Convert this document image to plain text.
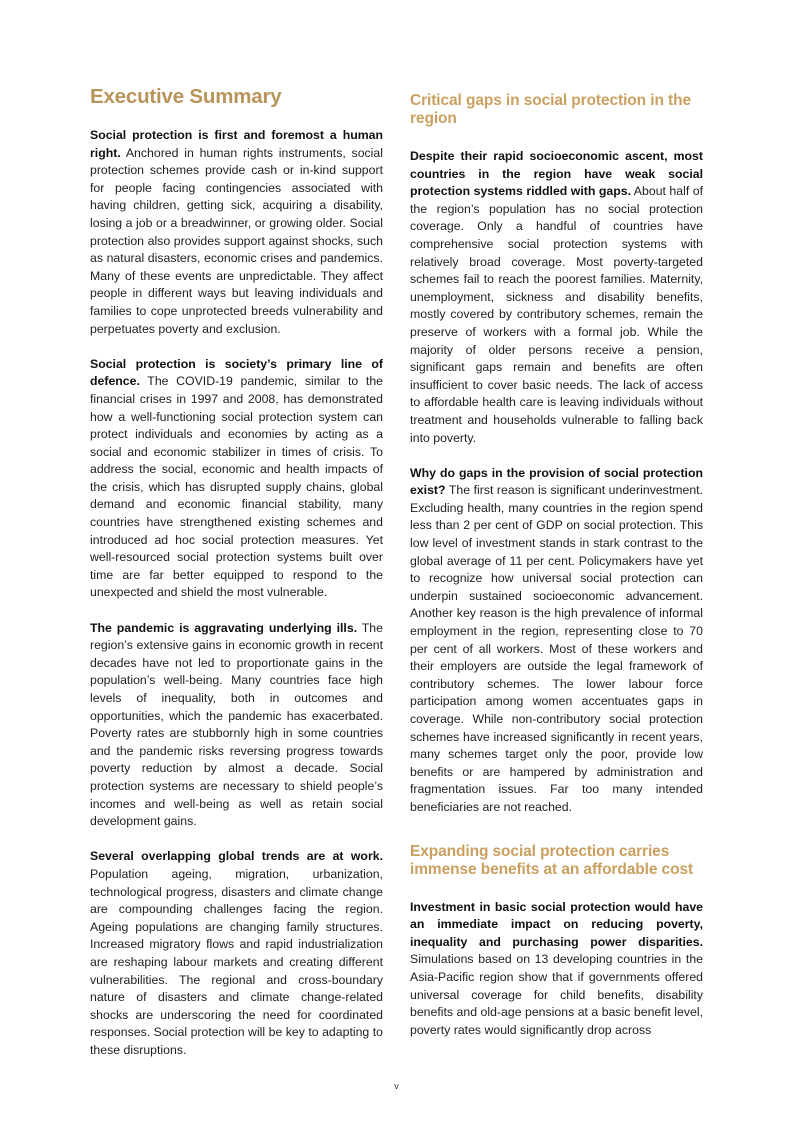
Executive Summary

Social protection is first and foremost a human right. Anchored in human rights instruments, social protection schemes provide cash or in-kind support for people facing contingencies associated with having children, getting sick, acquiring a disability, losing a job or a breadwinner, or growing older. Social protection also provides support against shocks, such as natural disasters, economic crises and pandemics. Many of these events are unpredictable. They affect people in different ways but leaving individuals and families to cope unprotected breeds vulnerability and perpetuates poverty and exclusion.

Social protection is society’s primary line of defence. The COVID-19 pandemic, similar to the financial crises in 1997 and 2008, has demonstrated how a well-functioning social protection system can protect individuals and economies by acting as a social and economic stabilizer in times of crisis. To address the social, economic and health impacts of the crisis, which has disrupted supply chains, global demand and economic financial stability, many countries have strengthened existing schemes and introduced ad hoc social protection measures. Yet well-resourced social protection systems built over time are far better equipped to respond to the unexpected and shield the most vulnerable.

The pandemic is aggravating underlying ills. The region’s extensive gains in economic growth in recent decades have not led to proportionate gains in the population’s well-being. Many countries face high levels of inequality, both in outcomes and opportunities, which the pandemic has exacerbated. Poverty rates are stubbornly high in some countries and the pandemic risks reversing progress towards poverty reduction by almost a decade. Social protection systems are necessary to shield people’s incomes and well-being as well as retain social development gains.

Several overlapping global trends are at work. Population ageing, migration, urbanization, technological progress, disasters and climate change are compounding challenges facing the region. Ageing populations are changing family structures. Increased migratory flows and rapid industrialization are reshaping labour markets and creating different vulnerabilities. The regional and cross-boundary nature of disasters and climate change-related shocks are underscoring the need for coordinated responses. Social protection will be key to adapting to these disruptions.

Critical gaps in social protection in the region

Despite their rapid socioeconomic ascent, most countries in the region have weak social protection systems riddled with gaps. About half of the region’s population has no social protection coverage. Only a handful of countries have comprehensive social protection systems with relatively broad coverage. Most poverty-targeted schemes fail to reach the poorest families. Maternity, unemployment, sickness and disability benefits, mostly covered by contributory schemes, remain the preserve of workers with a formal job. While the majority of older persons receive a pension, significant gaps remain and benefits are often insufficient to cover basic needs. The lack of access to affordable health care is leaving individuals without treatment and households vulnerable to falling back into poverty.

Why do gaps in the provision of social protection exist? The first reason is significant underinvestment. Excluding health, many countries in the region spend less than 2 per cent of GDP on social protection. This low level of investment stands in stark contrast to the global average of 11 per cent. Policymakers have yet to recognize how universal social protection can underpin sustained socioeconomic advancement. Another key reason is the high prevalence of informal employment in the region, representing close to 70 per cent of all workers. Most of these workers and their employers are outside the legal framework of contributory schemes. The lower labour force participation among women accentuates gaps in coverage. While non-contributory social protection schemes have increased significantly in recent years, many schemes target only the poor, provide low benefits or are hampered by administration and fragmentation issues. Far too many intended beneficiaries are not reached.

Expanding social protection carries immense benefits at an affordable cost

Investment in basic social protection would have an immediate impact on reducing poverty, inequality and purchasing power disparities. Simulations based on 13 developing countries in the Asia-Pacific region show that if governments offered universal coverage for child benefits, disability benefits and old-age pensions at a basic benefit level, poverty rates would significantly drop across

v
